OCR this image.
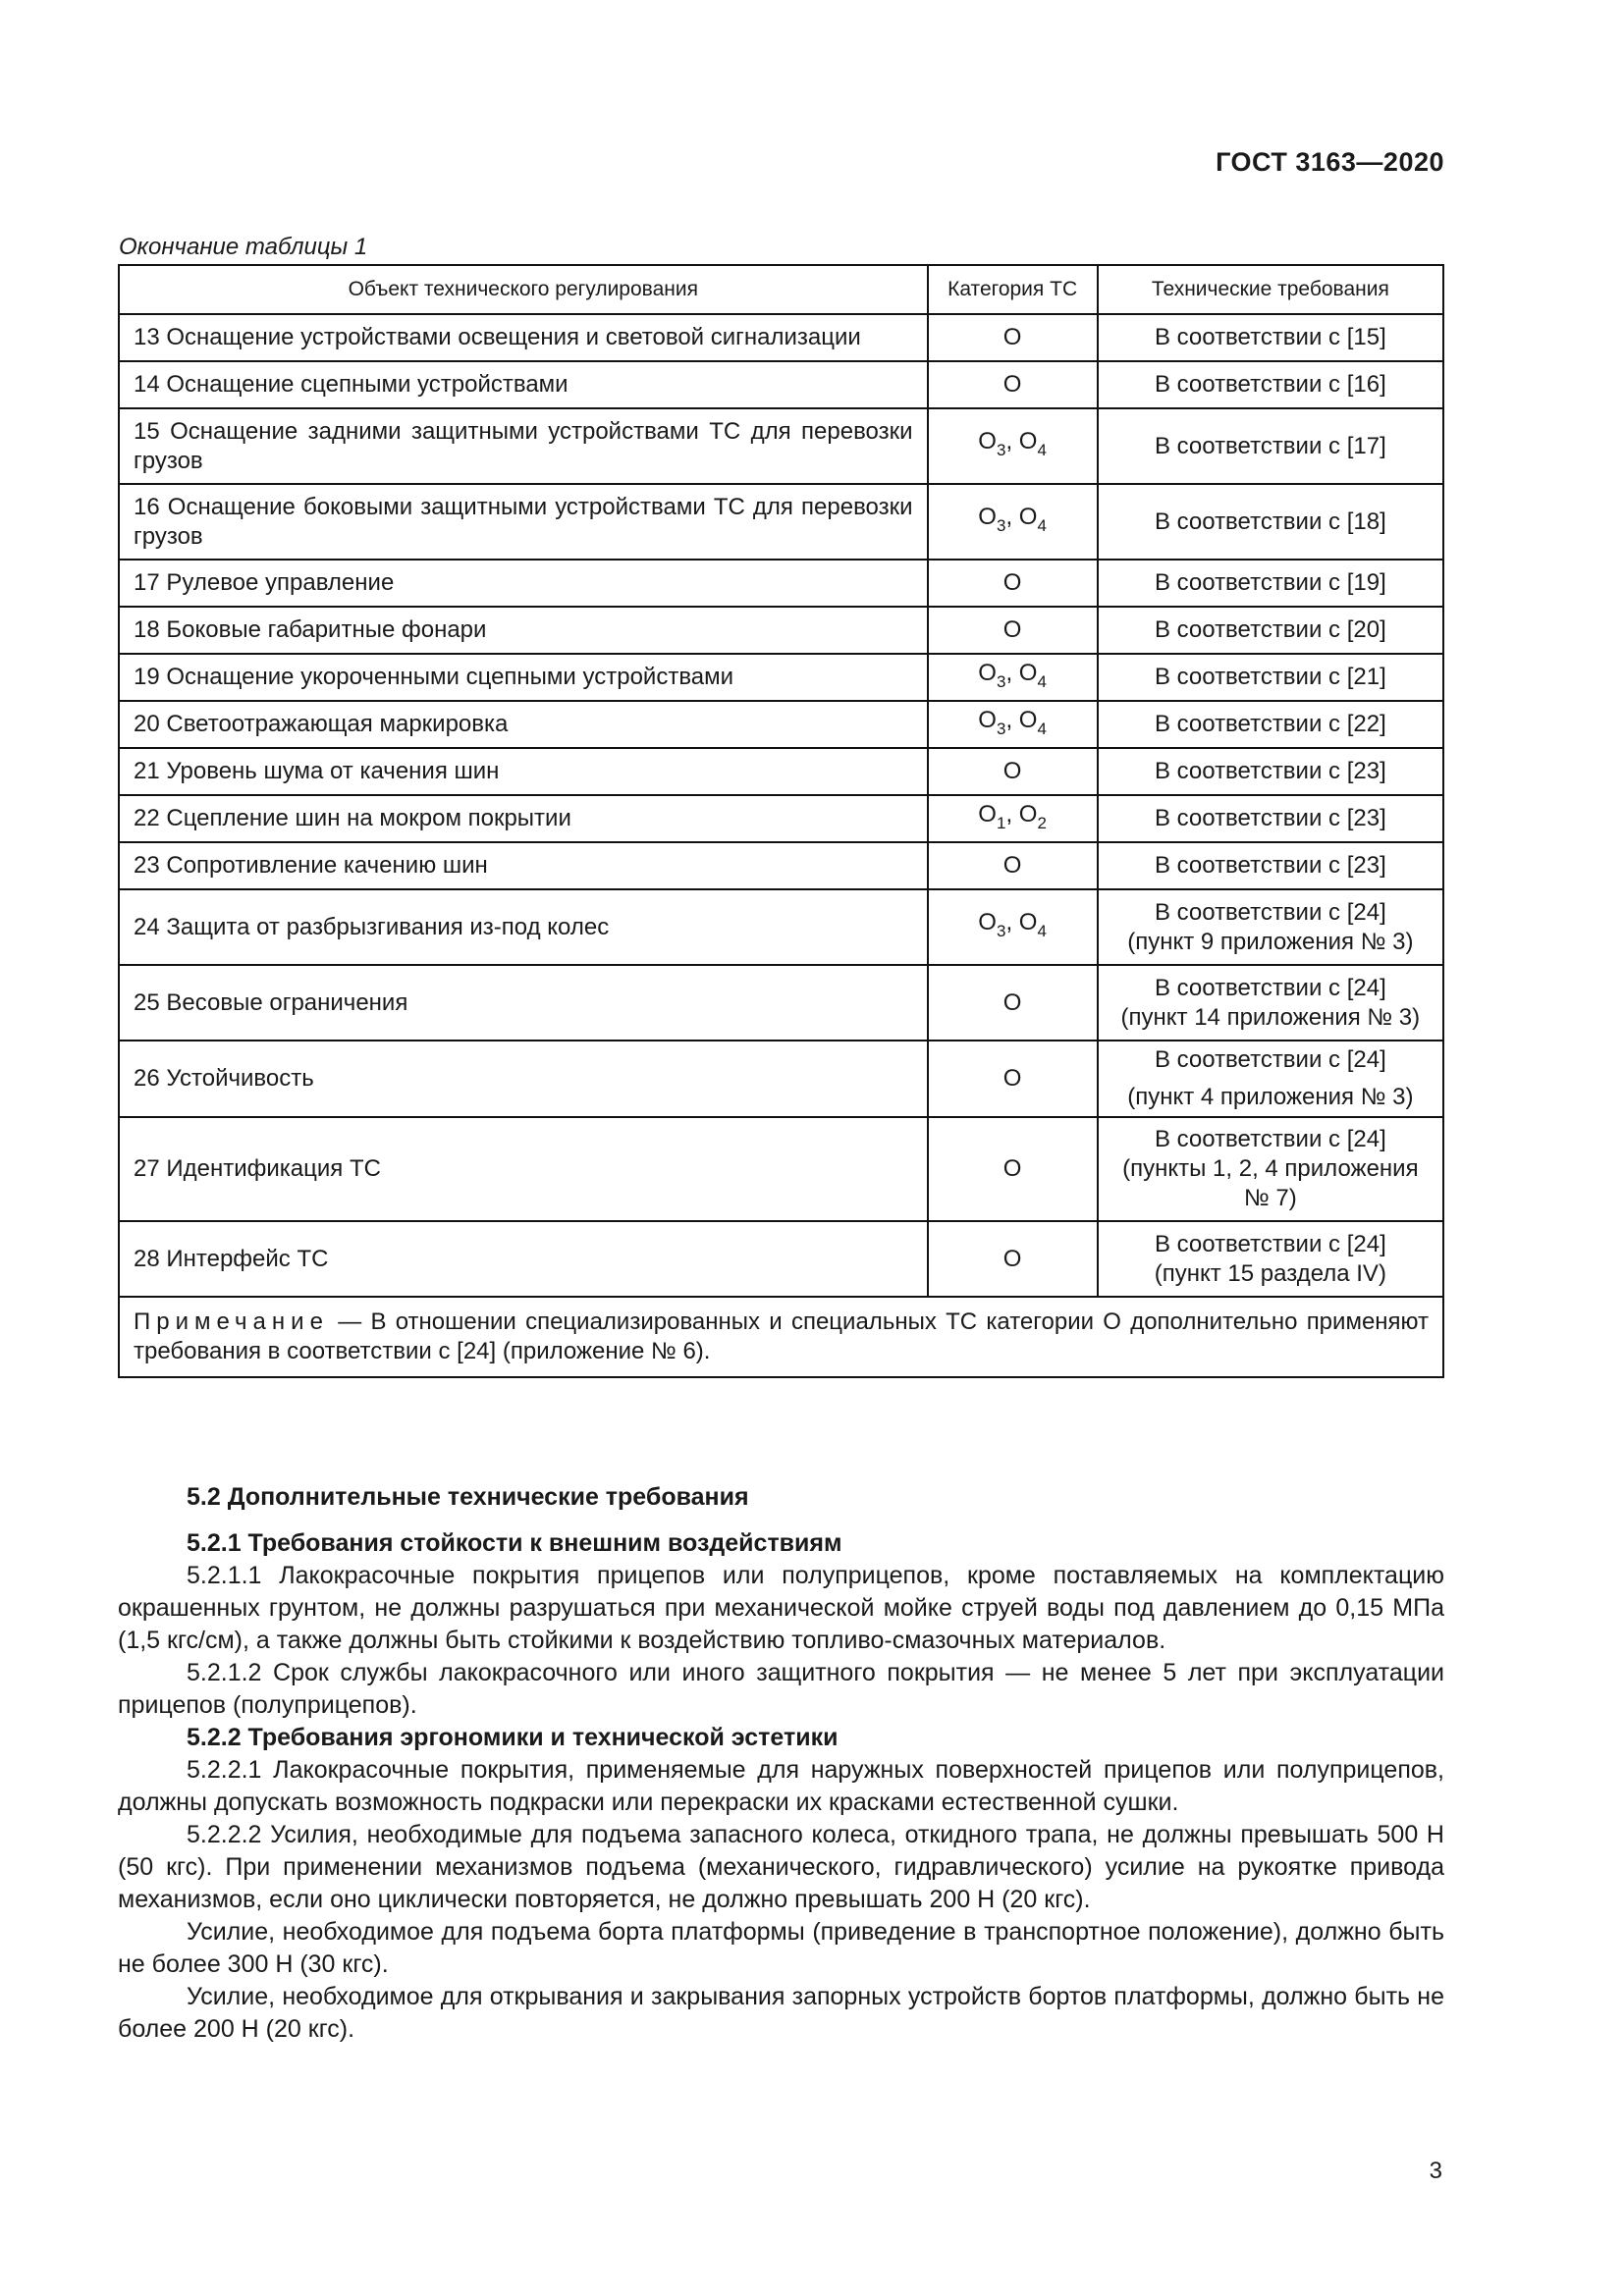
ГОСТ 3163—2020
Окончание таблицы 1
Объект технического регулирования	Категория ТС	Технические требования
13 Оснащение устройствами освещения и световой сигнализации	O	В соответствии с [15]

14 Оснащение сцепными устройствами	O	В соответствии с [16]

15 Оснащение задними защитными устройствами ТС для перевозки грузов	$O_3$, $O_4$	В соответствии с [17]

16 Оснащение боковыми защитными устройствами ТС для перевозки грузов	$O_3$, $O_4$	В соответствии с [18]

17 Рулевое управление	O	В соответствии с [19]

18 Боковые габаритные фонари	O	В соответствии с [20]

19 Оснащение укороченными сцепными устройствами	$O_3$, $O_4$	В соответствии с [21]

20 Светоотражающая маркировка	$O_3$, $O_4$	В соответствии с [22]

21 Уровень шума от качения шин	O	В соответствии с [23]

22 Сцепление шин на мокром покрытии	$O_1$, $O_2$	В соответствии с [23]

23 Сопротивление качению шин	O	В соответствии с [23]

24 Защита от разбрызгивания из-под колес	$O_3$, $O_4$	В соответствии с [24]
(пункт 9 приложения № 3)

25 Весовые ограничения	O	В соответствии с [24]
(пункт 14 приложения № 3)

26 Устойчивость	O	В соответствии с [24]
(пункт 4 приложения № 3)

27 Идентификация ТС	O	В соответствии с [24]
(пункты 1, 2, 4 приложения
№ 7)

28 Интерфейс ТС	O	В соответствии с [24]
(пункт 15 раздела IV)

Примечание — В отношении специализированных и специальных ТС категории O дополнительно применяют требования в соответствии с [24] (приложение № 6).		
5.2 Дополнительные технические требования
5.2.1 Требования стойкости к внешним воздействиям

5.2.1.1 Лакокрасочные покрытия прицепов или полуприцепов, кроме поставляемых на комплектацию окрашенных грунтом, не должны разрушаться при механической мойке струей воды под давлением до 0,15 МПа (1,5 кгс/см), а также должны быть стойкими к воздействию топливо-смазочных материалов.

5.2.1.2 Срок службы лакокрасочного или иного защитного покрытия — не менее 5 лет при эксплуатации прицепов (полуприцепов).

5.2.2 Требования эргономики и технической эстетики

5.2.2.1 Лакокрасочные покрытия, применяемые для наружных поверхностей прицепов или полуприцепов, должны допускать возможность подкраски или перекраски их красками естественной сушки.

5.2.2.2 Усилия, необходимые для подъема запасного колеса, откидного трапа, не должны превышать 500 Н (50 кгс). При применении механизмов подъема (механического, гидравлического) усилие на рукоятке привода механизмов, если оно циклически повторяется, не должно превышать 200 Н (20 кгс).

Усилие, необходимое для подъема борта платформы (приведение в транспортное положение), должно быть не более 300 Н (30 кгс).

Усилие, необходимое для открывания и закрывания запорных устройств бортов платформы, должно быть не более 200 Н (20 кгс).

3
